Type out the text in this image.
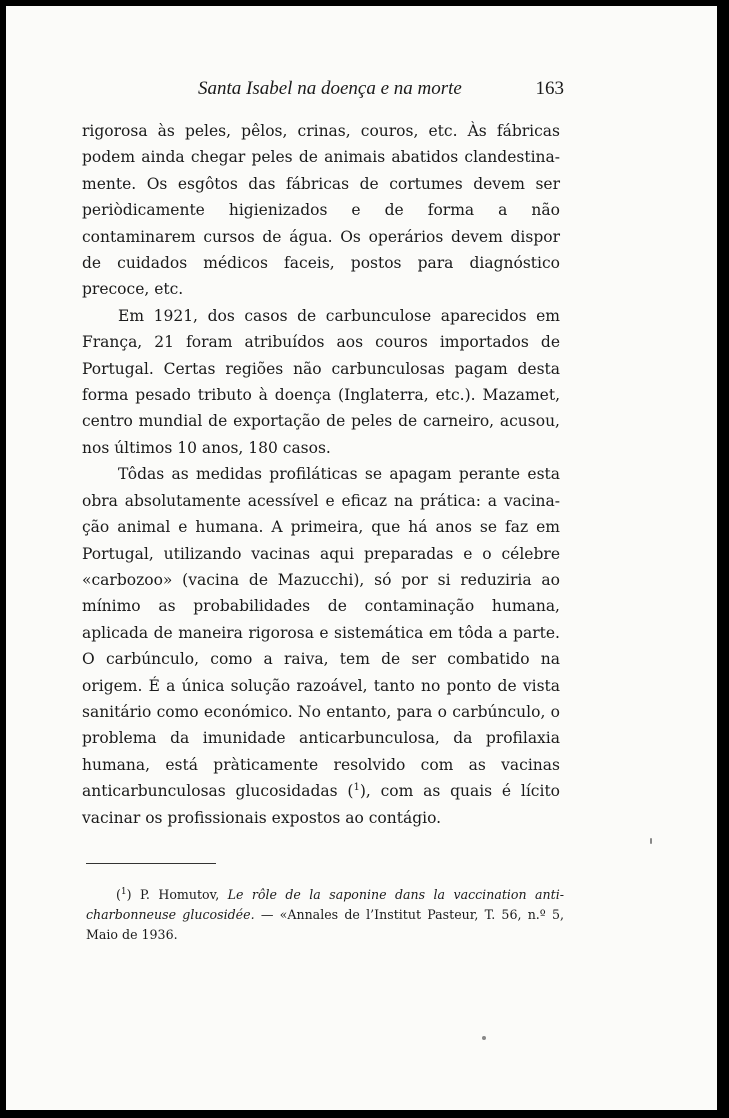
Santa Isabel na doença e na morte	163

rigorosa às peles, pêlos, crinas, couros, etc. Às fábricas podem ainda chegar peles de animais abatidos clandestinamente. Os esgôtos das fábricas de cortumes devem ser periòdicamente higienizados e de forma a não contaminarem cursos de água. Os operários devem dispor de cuidados médicos faceis, postos para diagnóstico precoce, etc.

Em 1921, dos casos de carbunculose aparecidos em França, 21 foram atribuídos aos couros importados de Portugal. Certas regiões não carbunculosas pagam desta forma pesado tributo à doença (Inglaterra, etc.). Mazamet, centro mundial de exportação de peles de carneiro, acusou, nos últimos 10 anos, 180 casos.

Tôdas as medidas profiláticas se apagam perante esta obra absolutamente acessível e eficaz na prática: a vacinação animal e humana. A primeira, que há anos se faz em Portugal, utilizando vacinas aqui preparadas e o célebre «carbozoo» (vacina de Mazucchi), só por si reduziria ao mínimo as probabilidades de contaminação humana, aplicada de maneira rigorosa e sistemática em tôda a parte. O carbúnculo, como a raiva, tem de ser combatido na origem. É a única solução razoável, tanto no ponto de vista sanitário como económico. No entanto, para o carbúnculo, o problema da imunidade anticarbunculosa, da profilaxia humana, está pràticamente resolvido com as vacinas anticarbunculosas glucosidadas ($^1$), com as quais é lícito vacinar os profissionais expostos ao contágio.

($^1$) P. Homutov, Le rôle de la saponine dans la vaccination anticharbonneuse glucosidée. — «Annales de l’Institut Pasteur, T. 56, n.º 5, Maio de 1936.
